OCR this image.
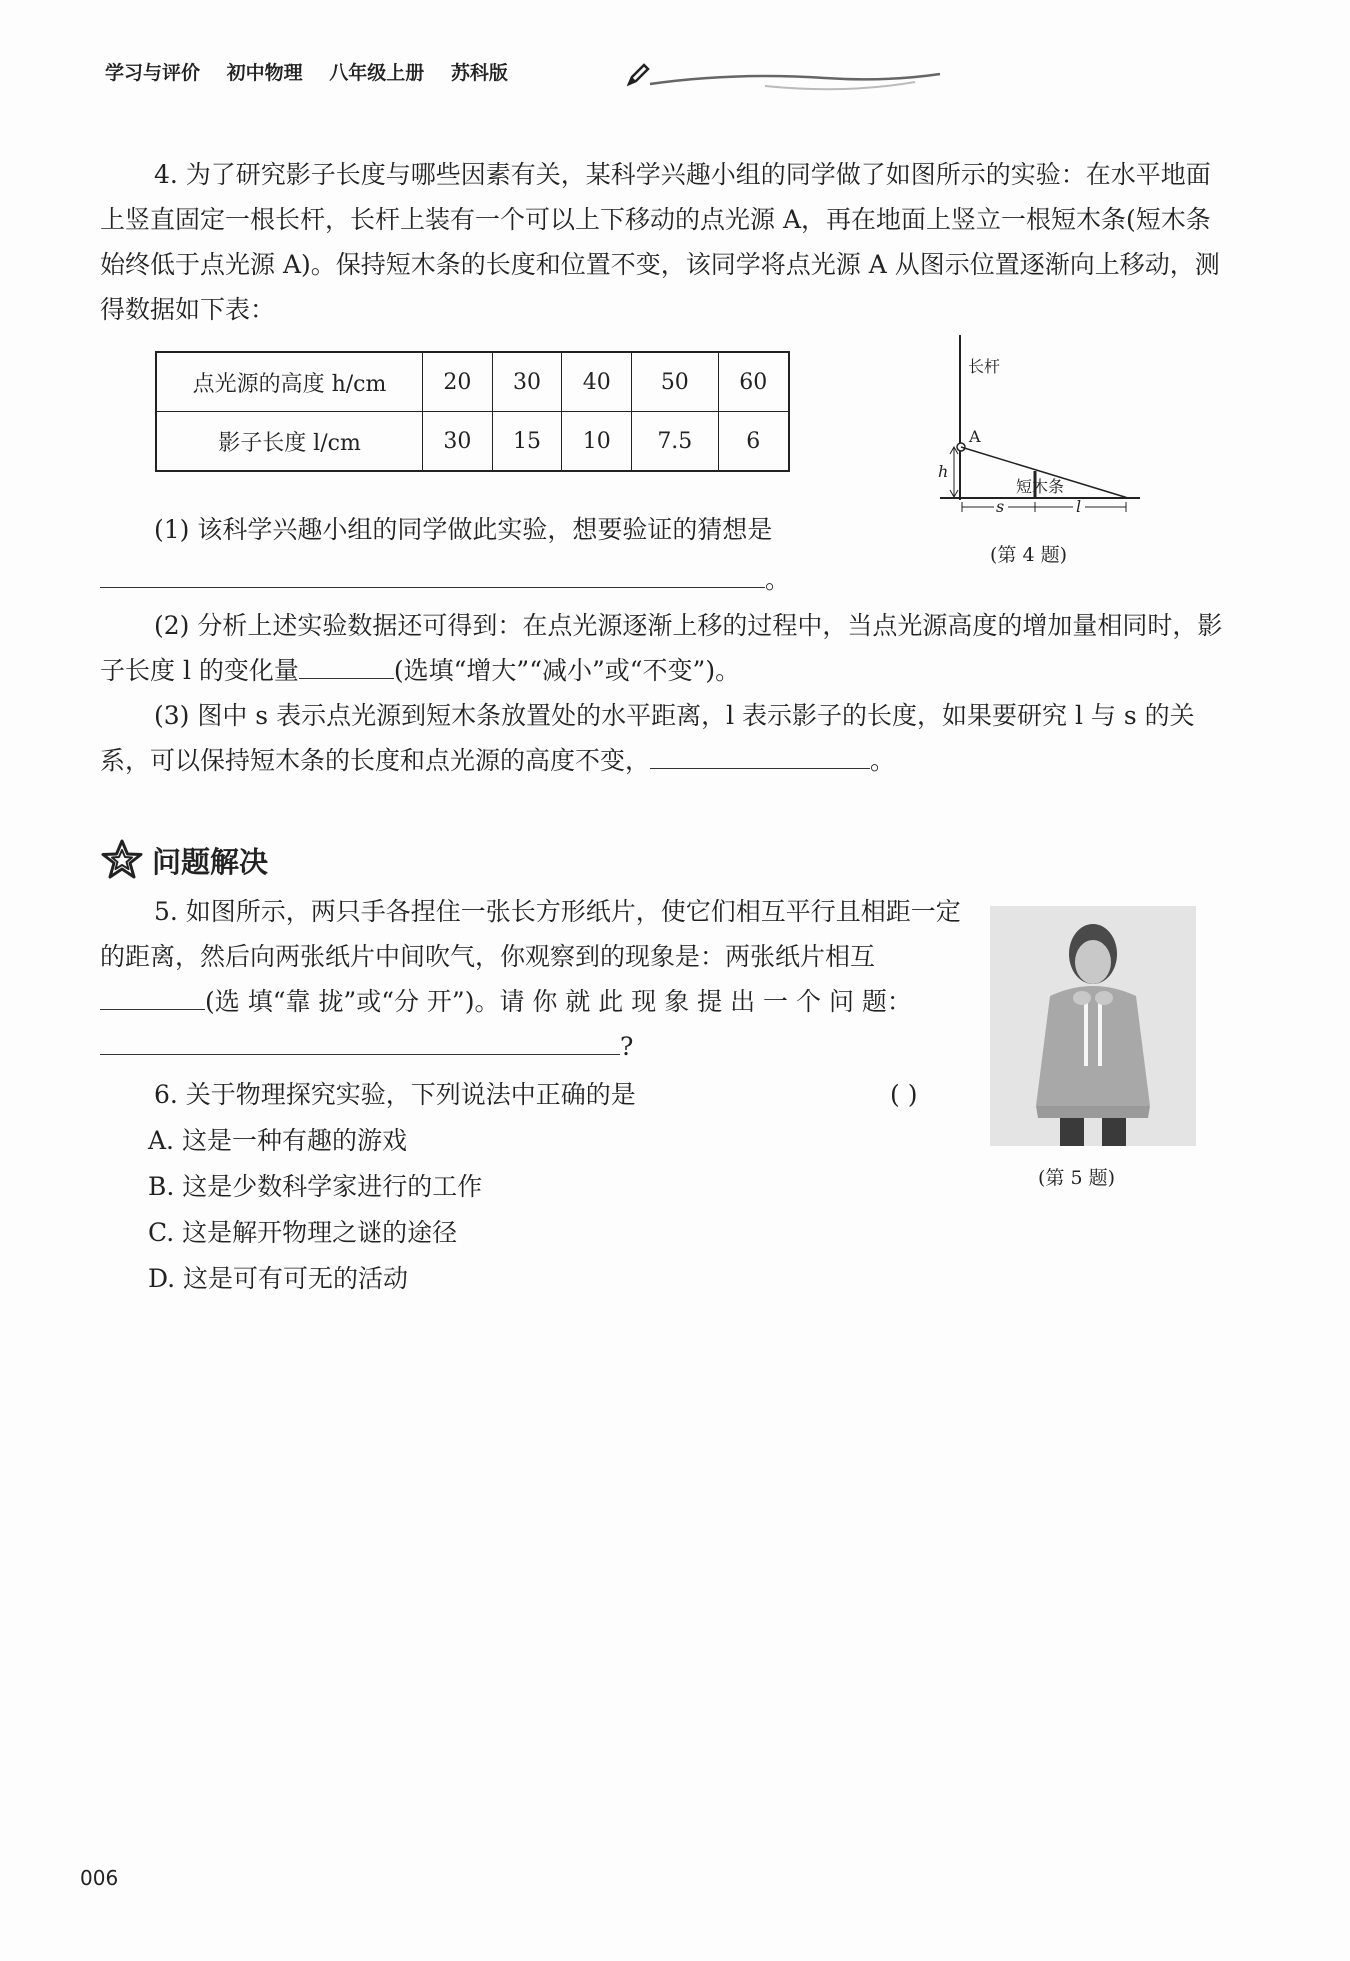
学习与评价 初中物理 八年级上册 苏科版
4. 为了研究影子长度与哪些因素有关，某科学兴趣小组的同学做了如图所示的实验：在水平地面上竖直固定一根长杆，长杆上装有一个可以上下移动的点光源 A，再在地面上竖立一根短木条(短木条始终低于点光源 A)。保持短木条的长度和位置不变，该同学将点光源 A 从图示位置逐渐向上移动，测得数据如下表：
点光源的高度 h/cm	20	30	40	50	60
影子长度 l/cm	30	15	10	7.5	6
长杆
A
短木条
h
s	l
(第 4 题)
(1) 该科学兴趣小组的同学做此实验，想要验证的猜想是
。
(2) 分析上述实验数据还可得到：在点光源逐渐上移的过程中，当点光源高度的增加量相同时，影子长度 l 的变化量	(选填“增大”“减小”或“不变”)。
(3) 图中 s 表示点光源到短木条放置处的水平距离，l 表示影子的长度，如果要研究 l 与 s 的关系，可以保持短木条的长度和点光源的高度不变，	。
问题解决
5. 如图所示，两只手各捏住一张长方形纸片，使它们相互平行且相距一定的距离，然后向两张纸片中间吹气，你观察到的现象是：两张纸片相互(选 填“靠 拢”或“分 开”)。请 你 就 此 现 象 提 出 一 个 问 题：?
(第 5 题)
6. 关于物理探究实验，下列说法中正确的是	( )
A. 这是一种有趣的游戏
B. 这是少数科学家进行的工作
C. 这是解开物理之谜的途径
D. 这是可有可无的活动
006
